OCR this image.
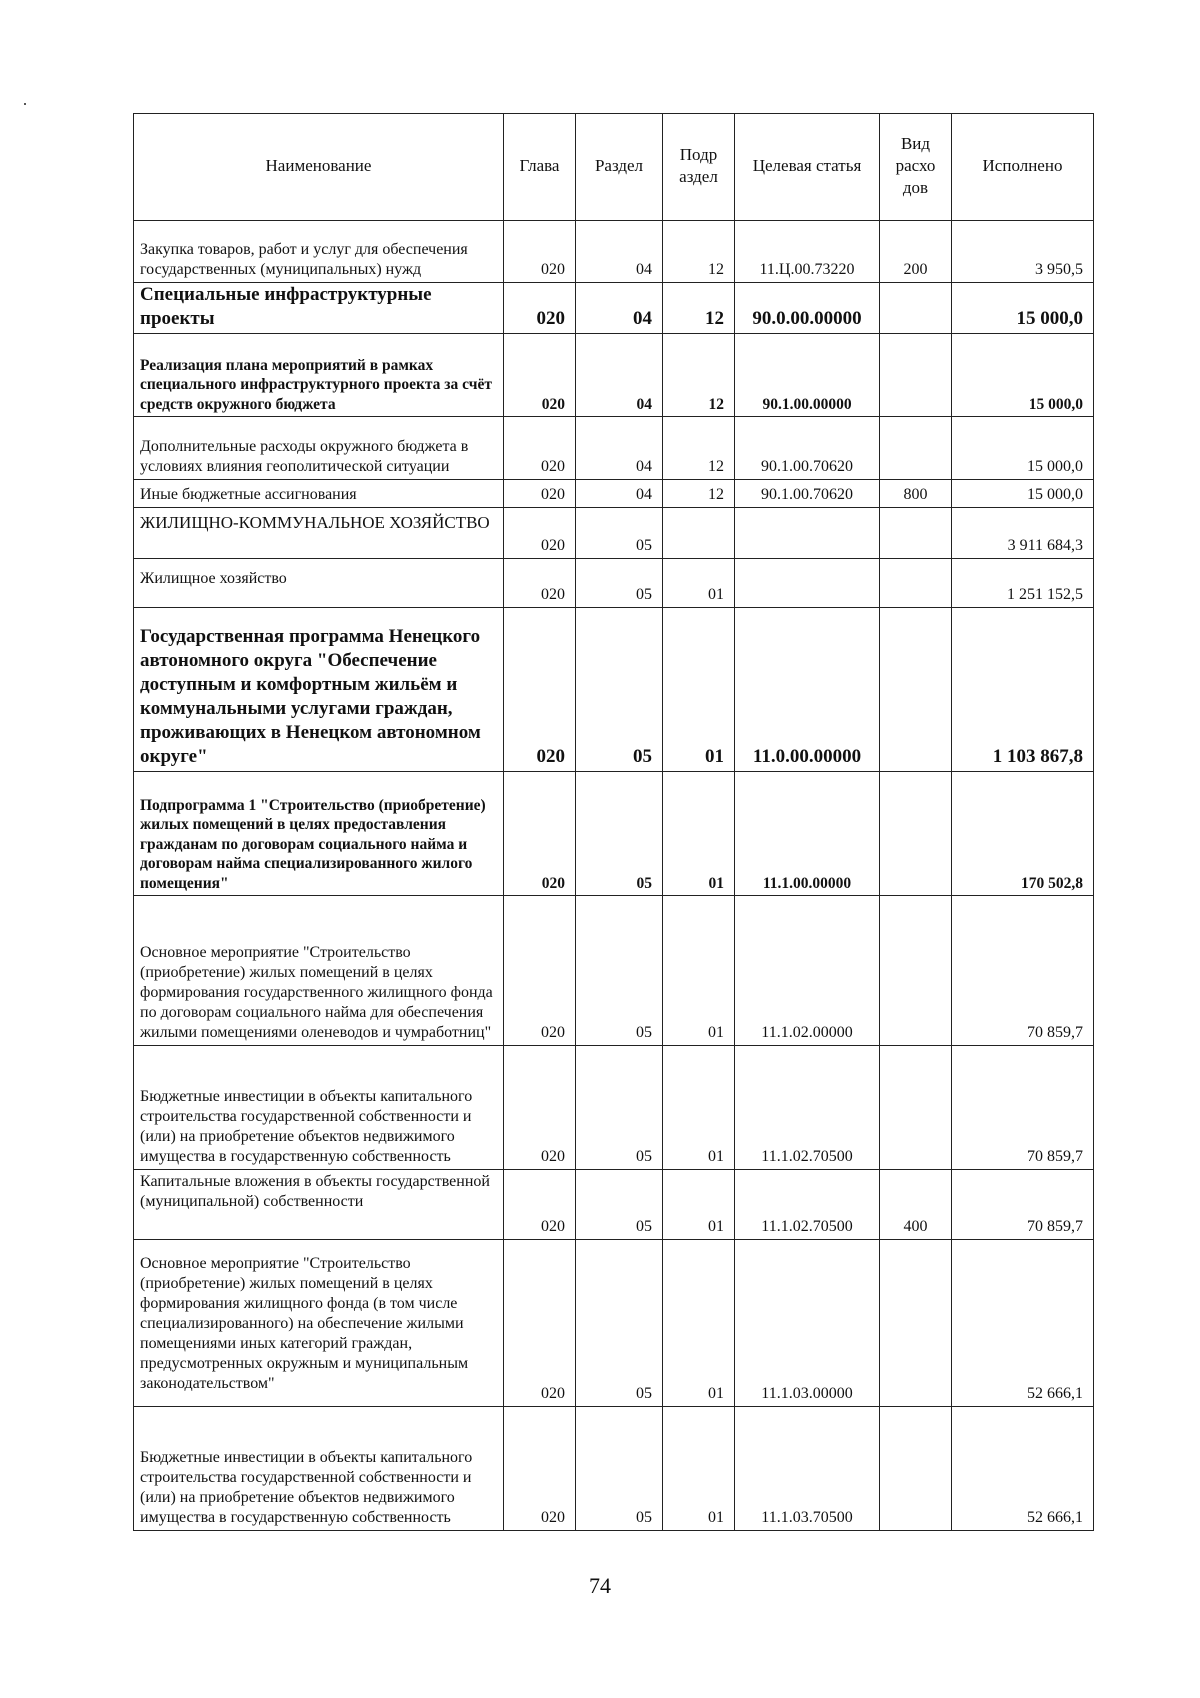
Наименование	Глава	Раздел	Подр аздел	Целевая статья	Вид расхо дов	Исполнено
Закупка товаров, работ и услуг для обеспечения государственных (муниципальных) нужд	020	04	12	11.Ц.00.73220	200	3 950,5
Специальные инфраструктурные проекты	020	04	12	90.0.00.00000		15 000,0
Реализация плана мероприятий в рамках специального инфраструктурного проекта за счёт средств окружного бюджета	020	04	12	90.1.00.00000		15 000,0
Дополнительные расходы окружного бюджета в условиях влияния геополитической ситуации	020	04	12	90.1.00.70620		15 000,0
Иные бюджетные ассигнования	020	04	12	90.1.00.70620	800	15 000,0
ЖИЛИЩНО-КОММУНАЛЬНОЕ ХОЗЯЙСТВО	020	05				3 911 684,3
Жилищное хозяйство	020	05	01			1 251 152,5
Государственная программа Ненецкого автономного округа "Обеспечение доступным и комфортным жильём и коммунальными услугами граждан, проживающих в Ненецком автономном округе"	020	05	01	11.0.00.00000		1 103 867,8
Подпрограмма 1 "Строительство (приобретение) жилых помещений в целях предоставления гражданам по договорам социального найма и договорам найма специализированного жилого помещения"	020	05	01	11.1.00.00000		170 502,8
Основное мероприятие "Строительство (приобретение) жилых помещений в целях формирования государственного жилищного фонда по договорам социального найма для обеспечения жилыми помещениями оленеводов и чумработниц"	020	05	01	11.1.02.00000		70 859,7
Бюджетные инвестиции в объекты капитального строительства государственной собственности и (или) на приобретение объектов недвижимого имущества в государственную собственность	020	05	01	11.1.02.70500		70 859,7
Капитальные вложения в объекты государственной (муниципальной) собственности	020	05	01	11.1.02.70500	400	70 859,7
Основное мероприятие "Строительство (приобретение) жилых помещений в целях формирования жилищного фонда (в том числе специализированного) на обеспечение жилыми помещениями иных категорий граждан, предусмотренных окружным и муниципальным законодательством"	020	05	01	11.1.03.00000		52 666,1
Бюджетные инвестиции в объекты капитального строительства государственной собственности и (или) на приобретение объектов недвижимого имущества в государственную собственность	020	05	01	11.1.03.70500		52 666,1
74
